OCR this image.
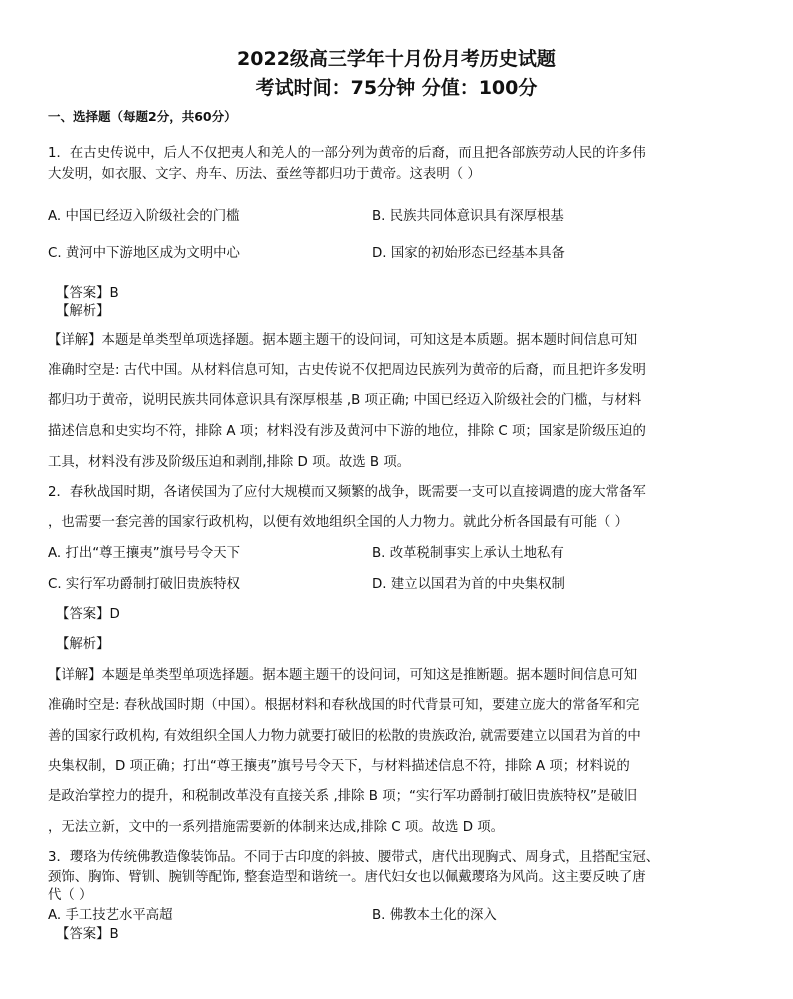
2022级高三学年十月份月考历史试题
考试时间：75分钟 分值：100分
一、选择题（每题2分，共60分）
1．在古史传说中，后人不仅把夷人和羌人的一部分列为黄帝的后裔，而且把各部族劳动人民的许多伟
大发明，如衣服、文字、舟车、历法、蚕丝等都归功于黄帝。这表明（ ）
A. 中国已经迈入阶级社会的门槛	B. 民族共同体意识具有深厚根基
C. 黄河中下游地区成为文明中心	D. 国家的初始形态已经基本具备
【答案】B
【解析】
【详解】本题是单类型单项选择题。据本题主题干的设问词，可知这是本质题。据本题时间信息可知
准确时空是: 古代中国。从材料信息可知，古史传说不仅把周边民族列为黄帝的后裔，而且把许多发明
都归功于黄帝，说明民族共同体意识具有深厚根基 ,B 项正确; 中国已经迈入阶级社会的门槛，与材料
描述信息和史实均不符，排除 A 项；材料没有涉及黄河中下游的地位，排除 C 项；国家是阶级压迫的
工具，材料没有涉及阶级压迫和剥削,排除 D 项。故选 B 项。
2．春秋战国时期，各诸侯国为了应付大规模而又频繁的战争，既需要一支可以直接调遣的庞大常备军
，也需要一套完善的国家行政机构，以便有效地组织全国的人力物力。就此分析各国最有可能（ ）
A. 打出“尊王攘夷”旗号号令天下	B. 改革税制事实上承认土地私有
C. 实行军功爵制打破旧贵族特权	D. 建立以国君为首的中央集权制
【答案】D
【解析】
【详解】本题是单类型单项选择题。据本题主题干的设问词，可知这是推断题。据本题时间信息可知
准确时空是: 春秋战国时期（中国）。根据材料和春秋战国的时代背景可知，要建立庞大的常备军和完
善的国家行政机构, 有效组织全国人力物力就要打破旧的松散的贵族政治, 就需要建立以国君为首的中
央集权制，D 项正确；打出“尊王攘夷”旗号号令天下，与材料描述信息不符，排除 A 项；材料说的
是政治掌控力的提升，和税制改革没有直接关系 ,排除 B 项；“实行军功爵制打破旧贵族特权”是破旧
，无法立新，文中的一系列措施需要新的体制来达成,排除 C 项。故选 D 项。
3．璎珞为传统佛教造像装饰品。不同于古印度的斜披、腰带式，唐代出现胸式、周身式，且搭配宝冠、
颈饰、胸饰、臂钏、腕钏等配饰, 整套造型和谐统一。唐代妇女也以佩戴璎珞为风尚。这主要反映了唐
代（ ）
A. 手工技艺水平高超	B. 佛教本土化的深入
【答案】B
